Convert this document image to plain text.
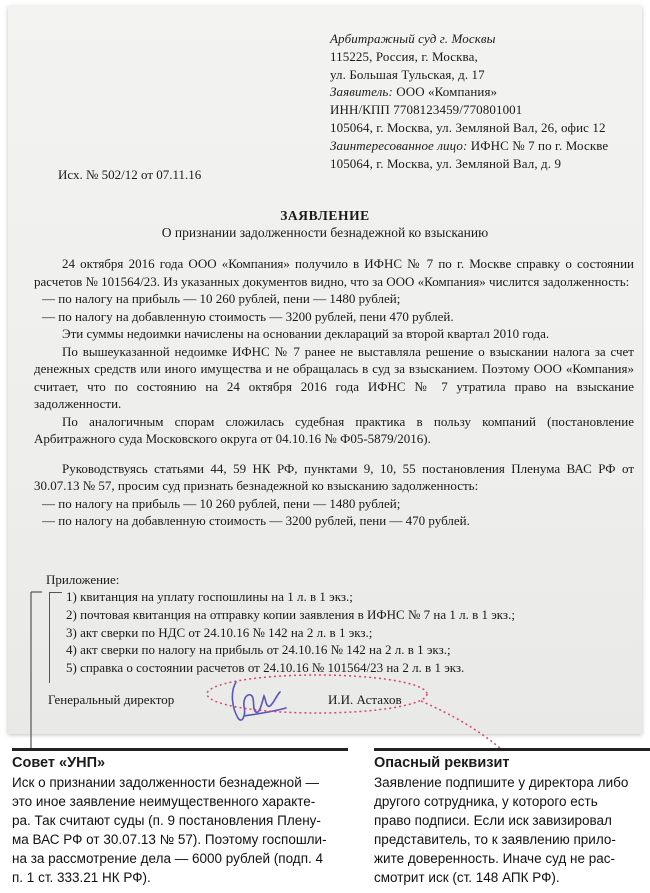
Арбитражный суд г. Москвы
115225, Россия, г. Москва,
ул. Большая Тульская, д. 17
Заявитель: ООО «Компания»
ИНН/КПП 7708123459/770801001
105064, г. Москва, ул. Земляной Вал, 26, офис 12
Заинтересованное лицо: ИФНС № 7 по г. Москве
105064, г. Москва, ул. Земляной Вал, д. 9
Исх. № 502/12 от 07.11.16
ЗАЯВЛЕНИЕ
О признании задолженности безнадежной ко взысканию
24 октября 2016 года ООО «Компания» получило в ИФНС № 7 по г. Москве справку о состоянии расчетов № 101564/23. Из указанных документов видно, что за ООО «Компания» числится задолженность:
— по налогу на прибыль — 10 260 рублей, пени — 1480 рублей;
— по налогу на добавленную стоимость — 3200 рублей, пени 470 рублей.
Эти суммы недоимки начислены на основании деклараций за второй квартал 2010 года.
По вышеуказанной недоимке ИФНС № 7 ранее не выставляла решение о взыскании налога за счет денежных средств или иного имущества и не обращалась в суд за взысканием. Поэтому ООО «Компания» считает, что по состоянию на 24 октября 2016 года ИФНС № 7 утратила право на взыскание задолженности.
По аналогичным спорам сложилась судебная практика в пользу компаний (постановление Арбитражного суда Московского округа от 04.10.16 № Ф05-5879/2016).
Руководствуясь статьями 44, 59 НК РФ, пунктами 9, 10, 55 постановления Пленума ВАС РФ от 30.07.13 № 57, просим суд признать безнадежной ко взысканию задолженность:
— по налогу на прибыль — 10 260 рублей, пени — 1480 рублей;
— по налогу на добавленную стоимость — 3200 рублей, пени — 470 рублей.
Приложение:
1) квитанция на уплату госпошлины на 1 л. в 1 экз.;
2) почтовая квитанция на отправку копии заявления в ИФНС № 7 на 1 л. в 1 экз.;
3) акт сверки по НДС от 24.10.16 № 142 на 2 л. в 1 экз.;
4) акт сверки по налогу на прибыль от 24.10.16 № 142 на 2 л. в 1 экз.;
5) справка о состоянии расчетов от 24.10.16 № 101564/23 на 2 л. в 1 экз.
Генеральный директор	И.И. Астахов
Совет «УНП»
Иск о признании задолженности безнадежной —
это иное заявление неимущественного характе-
ра. Так считают суды (п. 9 постановления Плену-
ма ВАС РФ от 30.07.13 № 57). Поэтому госпошли-
на за рассмотрение дела — 6000 рублей (подп. 4
п. 1 ст. 333.21 НК РФ).
Опасный реквизит
Заявление подпишите у директора либо
другого сотрудника, у которого есть
право подписи. Если иск завизировал
представитель, то к заявлению прило-
жите доверенность. Иначе суд не рас-
смотрит иск (ст. 148 АПК РФ).
